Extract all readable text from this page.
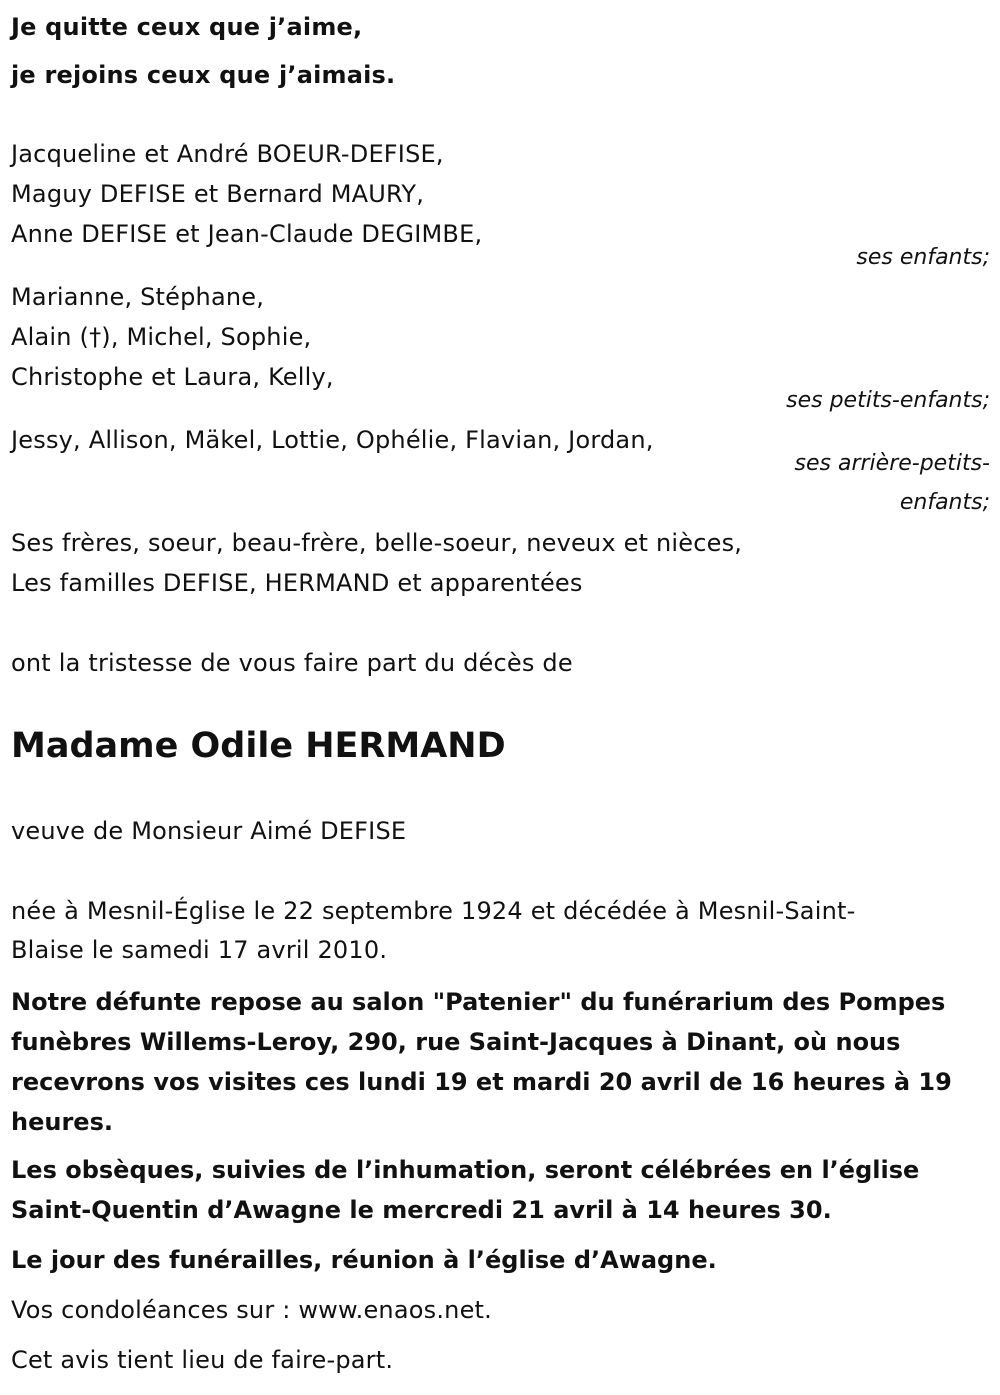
Je quitte ceux que j’aime,
je rejoins ceux que j’aimais.
Jacqueline et André BOEUR-DEFISE,
Maguy DEFISE et Bernard MAURY,
Anne DEFISE et Jean-Claude DEGIMBE,
ses enfants;
Marianne, Stéphane,
Alain (†), Michel, Sophie,
Christophe et Laura, Kelly,
ses petits-enfants;
Jessy, Allison, Mäkel, Lottie, Ophélie, Flavian, Jordan,
ses arrière-petits-
enfants;
Ses frères, soeur, beau-frère, belle-soeur, neveux et nièces,
Les familles DEFISE, HERMAND et apparentées
ont la tristesse de vous faire part du décès de
Madame Odile HERMAND
veuve de Monsieur Aimé DEFISE
née à Mesnil-Église le 22 septembre 1924 et décédée à Mesnil-Saint-
Blaise le samedi 17 avril 2010.
Notre défunte repose au salon "Patenier" du funérarium des Pompes funèbres Willems-Leroy, 290, rue Saint-Jacques à Dinant, où nous recevrons vos visites ces lundi 19 et mardi 20 avril de 16 heures à 19 heures.
Les obsèques, suivies de l’inhumation, seront célébrées en l’église Saint-Quentin d’Awagne le mercredi 21 avril à 14 heures 30.
Le jour des funérailles, réunion à l’église d’Awagne.
Vos condoléances sur : www.enaos.net.
Cet avis tient lieu de faire-part.
